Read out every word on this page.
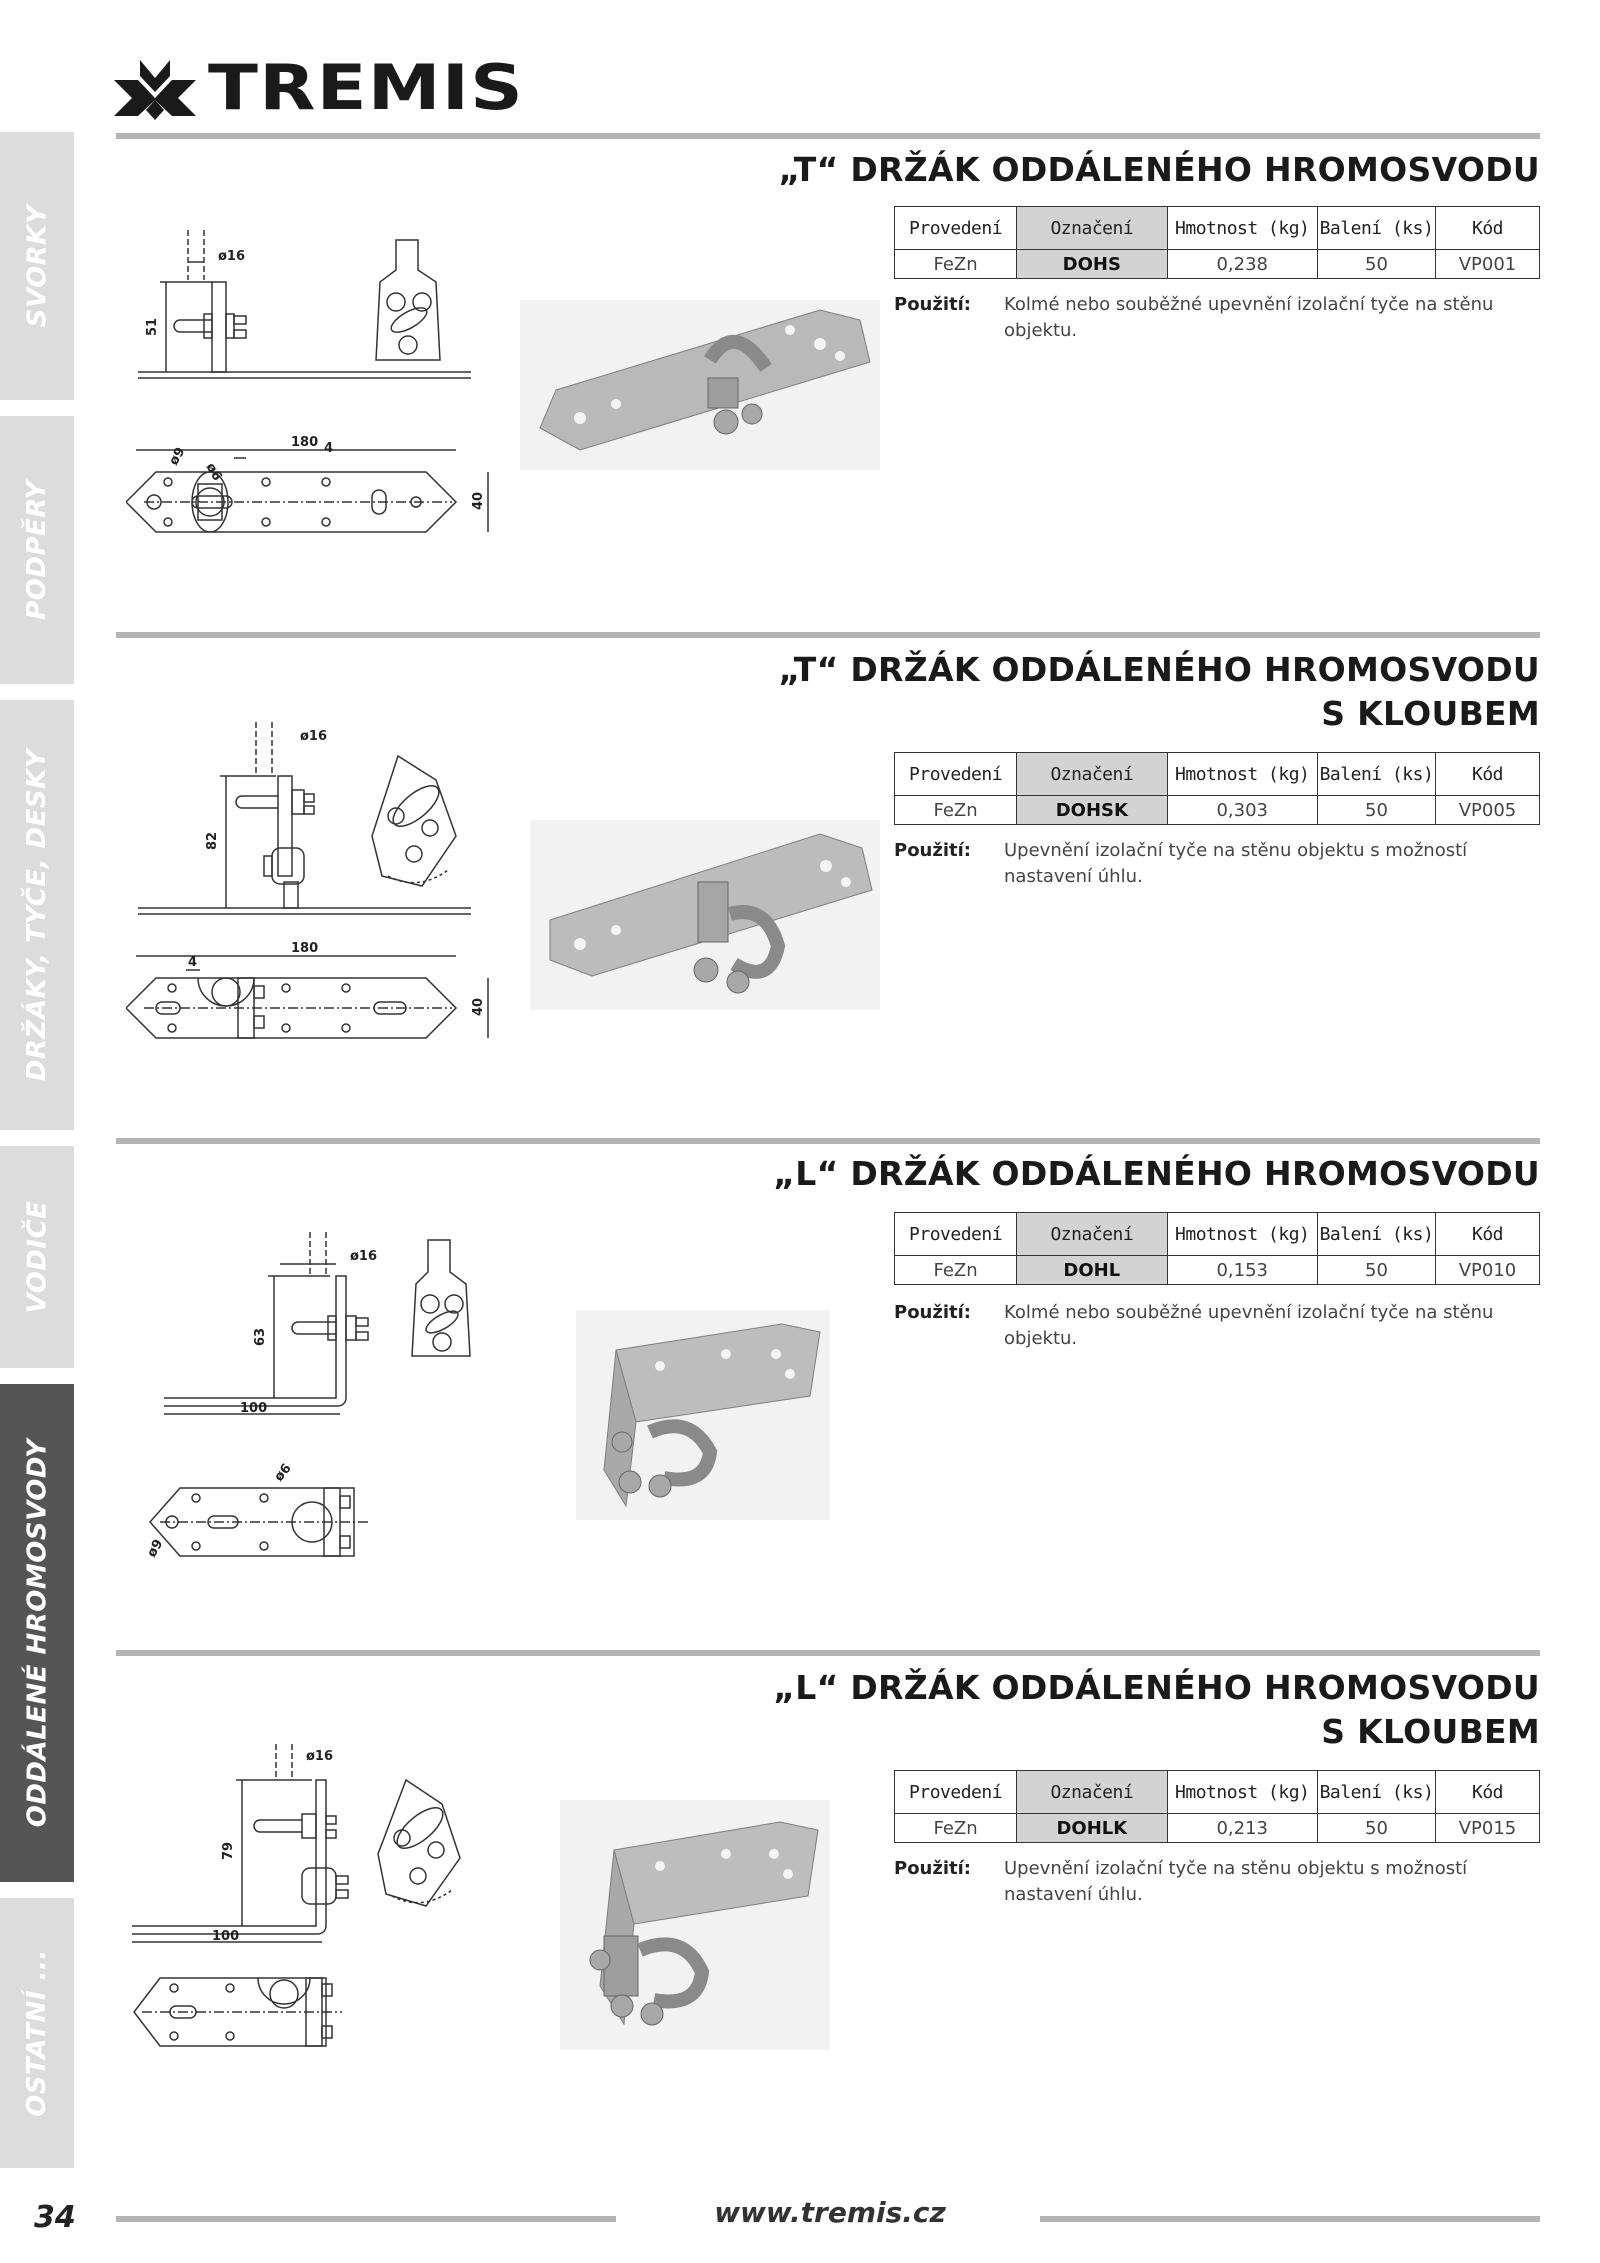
TREMIS
SVORKY
PODPĚRY
DRŽÁKY, TYČE, DESKY
VODIČE
ODDÁLENÉ HROMOSVODY
OSTATNÍ ...
„T“ DRŽÁK ODDÁLENÉHO HROMOSVODU
Provedení	Označení	Hmotnost (kg)	Balení (ks)	Kód
FeZn	DOHS	0,238	50	VP001
Použití: Kolmé nebo souběžné upevnění izolační tyče na stěnu
objektu.
ø16
51
180 4
ø9
ø6
40
„T“ DRŽÁK ODDÁLENÉHO HROMOSVODU
S KLOUBEM
Provedení	Označení	Hmotnost (kg)	Balení (ks)	Kód
FeZn	DOHSK	0,303	50	VP005
Použití: Upevnění izolační tyče na stěnu objektu s možností
nastavení úhlu.
ø16
82
180
4
40
„L“ DRŽÁK ODDÁLENÉHO HROMOSVODU
Provedení	Označení	Hmotnost (kg)	Balení (ks)	Kód
FeZn	DOHL	0,153	50	VP010
Použití: Kolmé nebo souběžné upevnění izolační tyče na stěnu
objektu.
ø16
63
100
ø6
ø9
„L“ DRŽÁK ODDÁLENÉHO HROMOSVODU
S KLOUBEM
Provedení	Označení	Hmotnost (kg)	Balení (ks)	Kód
FeZn	DOHLK	0,213	50	VP015
Použití: Upevnění izolační tyče na stěnu objektu s možností
nastavení úhlu.
ø16
79
100
34	www.tremis.cz
